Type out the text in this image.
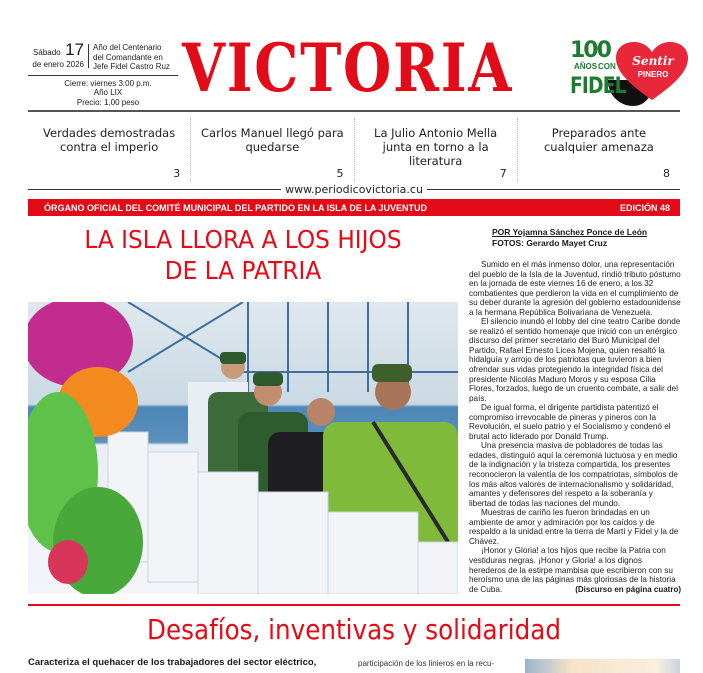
Sábado 17
de enero 2026
Año del Centenario
del Comandante en
Jefe Fidel Castro Ruz
Cierre: viernes 3:00 p.m.
Año LIX
Precio: 1,00 peso VICTORIA	Sentir
PINERO
100
AÑOS CON
FIDEL
Verdades demostradas contra el imperio
3
Carlos Manuel llegó para quedarse
5
La Julio Antonio Mella junta en torno a la literatura
7
Preparados ante cualquier amenaza
8
www.periodicovictoria.cu
ÓRGANO OFICIAL DEL COMITÉ MUNICIPAL DEL PARTIDO EN LA ISLA DE LA JUVENTUD	EDICIÓN 48
LA ISLA LLORA A LOS HIJOS
DE LA PATRIA
POR Yojamna Sánchez Ponce de León
FOTOS: Gerardo Mayet Cruz

Sumido en el más inmenso dolor, una representación del pueblo de la Isla de la Juventud, rindió tributo póstumo en la jornada de este viernes 16 de enero, a los 32 combatientes que perdieron la vida en el cumplimiento de su deber durante la agresión del gobierno estadounidense a la hermana República Bolivariana de Venezuela.

El silencio inundó el lobby del cine teatro Caribe donde se realizó el sentido homenaje que inició con un enérgico discurso del primer secretario del Buró Municipal del Partido, Rafael Ernesto Licea Mojena, quien resaltó la hidalguía y arrojo de los patriotas que tuvieron a bien ofrendar sus vidas protegiendo la integridad física del presidente Nicolás Maduro Moros y su esposa Cilia Flores, forzados, luego de un cruento combate, a salir del país.

De igual forma, el dirigente partidista patentizó el compromiso irrevocable de pineras y pineros con la Revolución, el suelo patrio y el Socialismo y condenó el brutal acto liderado por Donald Trump.

Una presencia masiva de pobladores de todas las edades, distinguió aquí la ceremonia luctuosa y en medio de la indignación y la tristeza compartida, los presentes reconocieron la valentía de los compatriotas, símbolos de los más altos valores de internacionalismo y solidaridad, amantes y defensores del respeto a la soberanía y libertad de todas las naciones del mundo.

Muestras de cariño les fueron brindadas en un ambiente de amor y admiración por los caídos y de respaldo a la unidad entre la tierra de Martí y Fidel y la de Chávez.

¡Honor y Gloria! a los hijos que recibe la Patria con vestiduras negras. ¡Honor y Gloria! a los dignos herederos de la estirpe mambisa que escribieron con su heroísmo una de las páginas más gloriosas de la historia de Cuba.	(Discurso en página cuatro)
Desafíos, inventivas y solidaridad
Caracteriza el quehacer de los trabajadores del sector eléctrico,	participación de los linieros en la recu-
